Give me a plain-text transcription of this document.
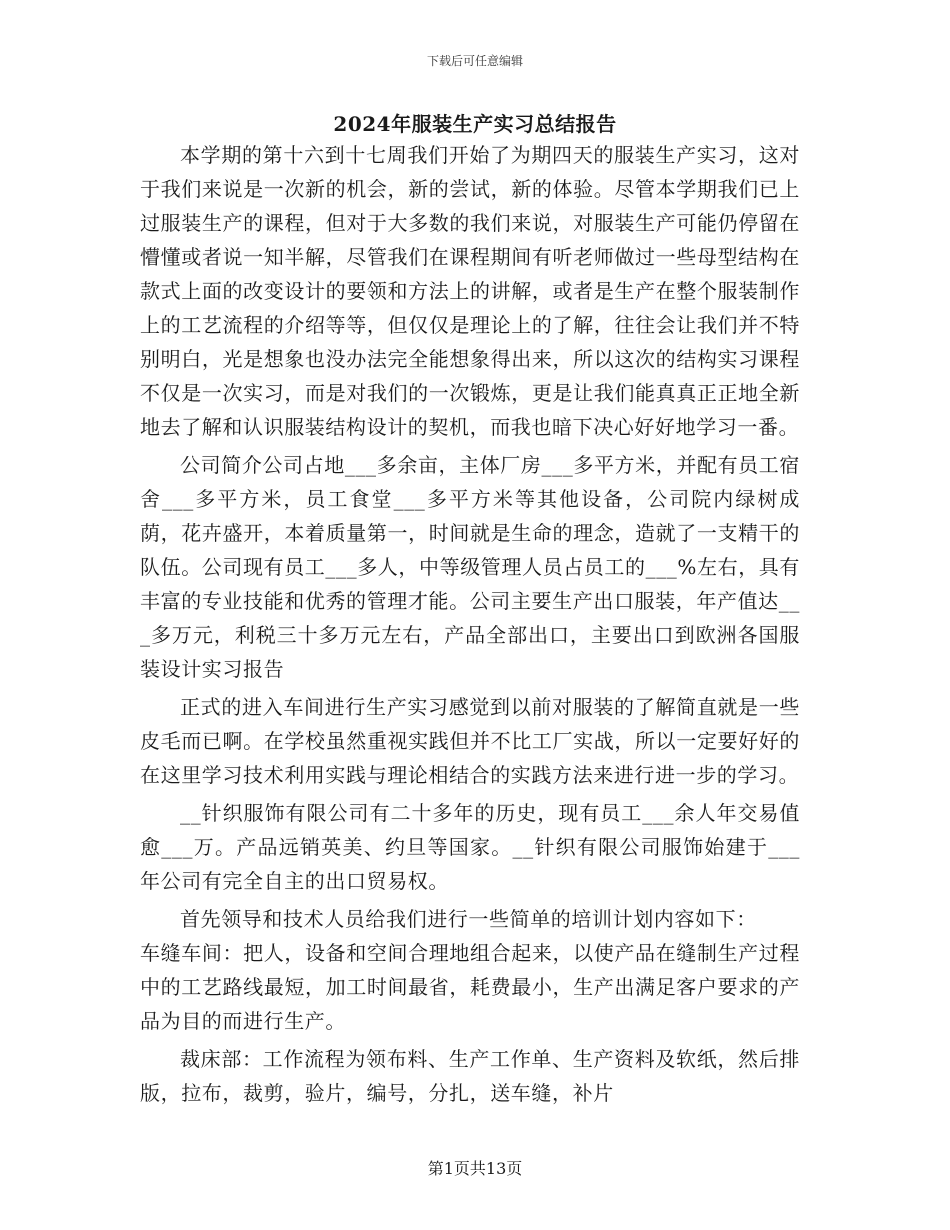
下载后可任意编辑
2024年服装生产实习总结报告

本学期的第十六到十七周我们开始了为期四天的服装生产实习，这对于我们来说是一次新的机会，新的尝试，新的体验。尽管本学期我们已上过服装生产的课程，但对于大多数的我们来说，对服装生产可能仍停留在懵懂或者说一知半解，尽管我们在课程期间有听老师做过一些母型结构在款式上面的改变设计的要领和方法上的讲解，或者是生产在整个服装制作上的工艺流程的介绍等等，但仅仅是理论上的了解，往往会让我们并不特别明白，光是想象也没办法完全能想象得出来，所以这次的结构实习课程不仅是一次实习，而是对我们的一次锻炼，更是让我们能真真正正地全新地去了解和认识服装结构设计的契机，而我也暗下决心好好地学习一番。

公司简介公司占地___多余亩，主体厂房___多平方米，并配有员工宿舍___多平方米，员工食堂___多平方米等其他设备，公司院内绿树成荫，花卉盛开，本着质量第一，时间就是生命的理念，造就了一支精干的队伍。公司现有员工___多人，中等级管理人员占员工的___%左右，具有丰富的专业技能和优秀的管理才能。公司主要生产出口服装，年产值达___多万元，利税三十多万元左右，产品全部出口，主要出口到欧洲各国服装设计实习报告

正式的进入车间进行生产实习感觉到以前对服装的了解简直就是一些皮毛而已啊。在学校虽然重视实践但并不比工厂实战，所以一定要好好的在这里学习技术利用实践与理论相结合的实践方法来进行进一步的学习。

__针织服饰有限公司有二十多年的历史，现有员工___余人年交易值愈___万。产品远销英美、约旦等国家。__针织有限公司服饰始建于___年公司有完全自主的出口贸易权。

首先领导和技术人员给我们进行一些简单的培训计划内容如下：

车缝车间：把人，设备和空间合理地组合起来，以使产品在缝制生产过程中的工艺路线最短，加工时间最省，耗费最小，生产出满足客户要求的产品为目的而进行生产。

裁床部：工作流程为领布料、生产工作单、生产资料及软纸，然后排版，拉布，裁剪，验片，编号，分扎，送车缝，补片

第1页共13页
